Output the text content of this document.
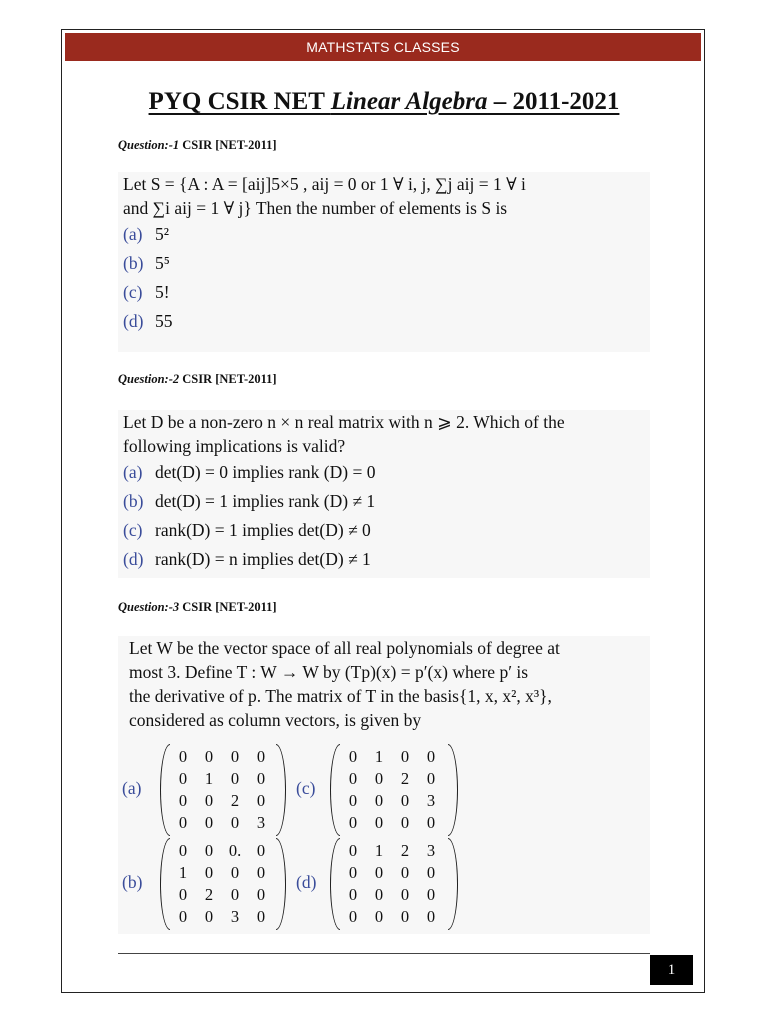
MATHSTATS CLASSES
PYQ CSIR NET Linear Algebra – 2011-2021
Question:-1 CSIR [NET-2011]
Let S = {A : A = [aij]5×5 , aij = 0 or 1 ∀ i, j, ∑j aij = 1 ∀ i
and ∑i aij = 1 ∀ j} Then the number of elements is S is
(a) 5²
(b) 5⁵
(c) 5!
(d) 55
Question:-2 CSIR [NET-2011]
Let D be a non-zero n × n real matrix with n ⩾ 2. Which of the
following implications is valid?
(a) det(D) = 0 implies rank (D) = 0
(b) det(D) = 1 implies rank (D) ≠ 1
(c) rank(D) = 1 implies det(D) ≠ 0
(d) rank(D) = n implies det(D) ≠ 1
Question:-3 CSIR [NET-2011]
Let W be the vector space of all real polynomials of degree at
most 3. Define T : W → W by (Tp)(x) = p′(x) where p′ is
the derivative of p. The matrix of T in the basis{1, x, x², x³},
considered as column vectors, is given by
(a)
0	0	0	0
0	1	0	0
0	0	2	0
0	0	0	3
(c)
0	1	0	0
0	0	2	0
0	0	0	3
0	0	0	0
(b)
0	0	0.	0
1	0	0	0
0	2	0	0
0	0	3	0
(d)
0	1	2	3
0	0	0	0
0	0	0	0
0	0	0	0
1
